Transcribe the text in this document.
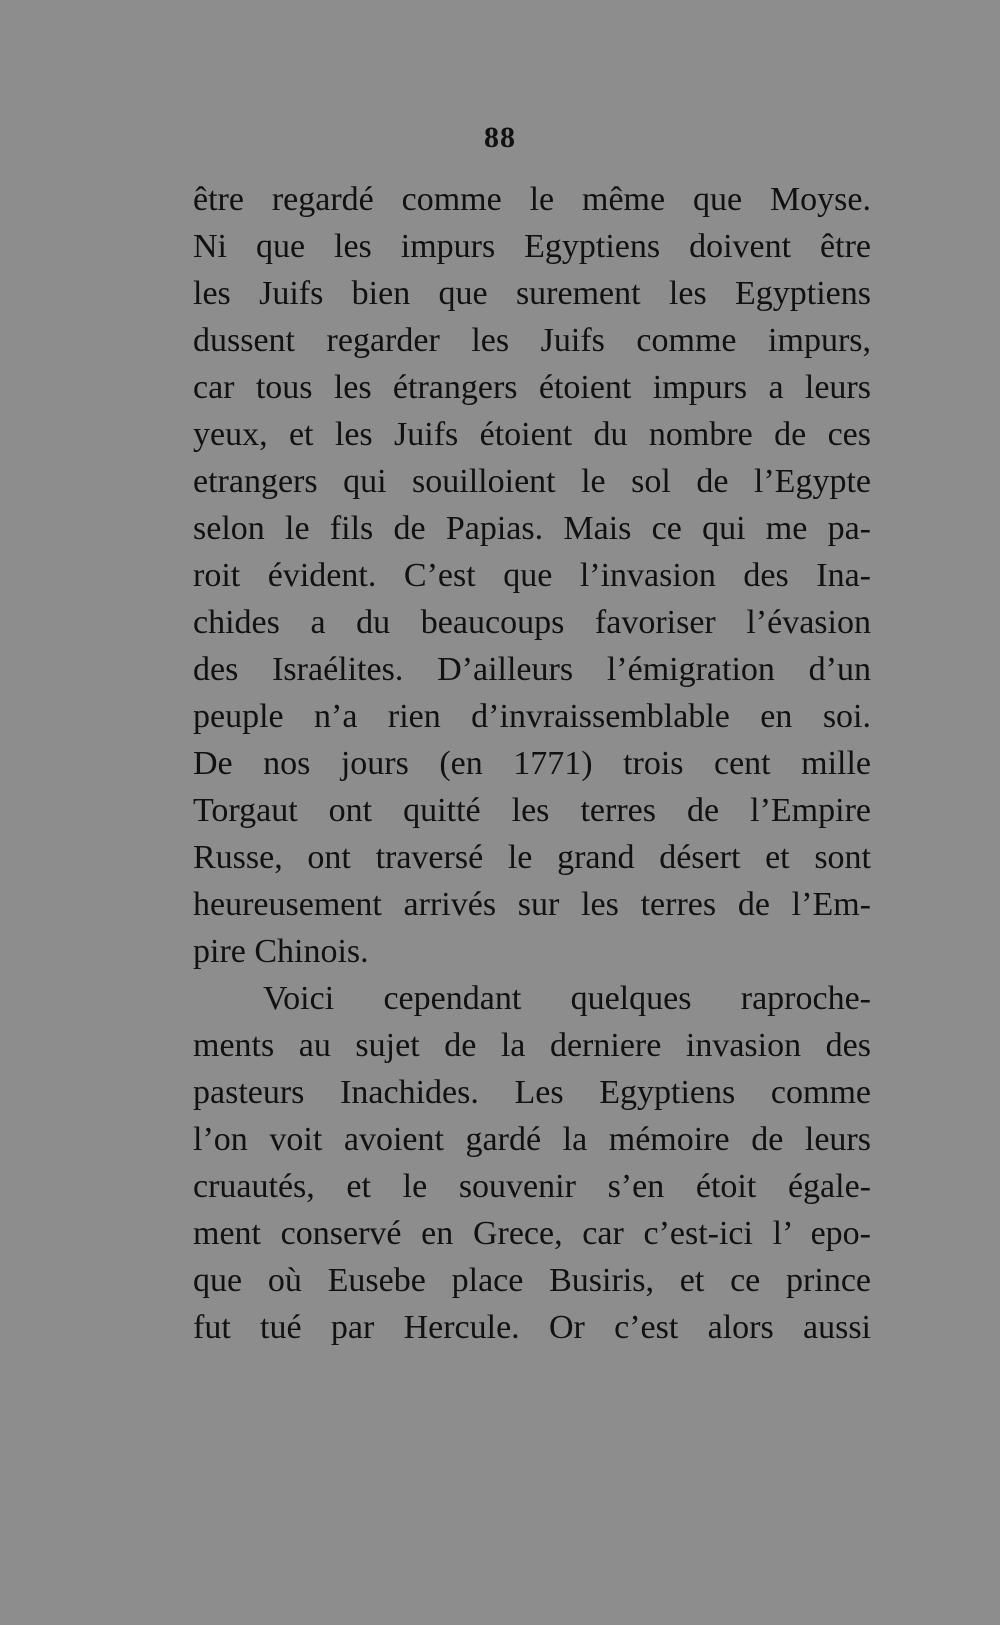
88
être regardé comme le même que Moyse.
Ni que les impurs Egyptiens doivent être
les Juifs bien que surement les Egyptiens
dussent regarder les Juifs comme impurs,
car tous les étrangers étoient impurs a leurs
yeux, et les Juifs étoient du nombre de ces
etrangers qui souilloient le sol de l’Egypte
selon le fils de Papias. Mais ce qui me pa-
roit évident. C’est que l’invasion des Ina-
chides a du beaucoups favoriser l’évasion
des Israélites. D’ailleurs l’émigration d’un
peuple n’a rien d’invraissemblable en soi.
De nos jours (en 1771) trois cent mille
Torgaut ont quitté les terres de l’Empire
Russe, ont traversé le grand désert et sont
heureusement arrivés sur les terres de l’Em-
pire Chinois.
Voici cependant quelques raproche-
ments au sujet de la derniere invasion des
pasteurs Inachides. Les Egyptiens comme
l’on voit avoient gardé la mémoire de leurs
cruautés, et le souvenir s’en étoit égale-
ment conservé en Grece, car c’est-ici l’ epo-
que où Eusebe place Busiris, et ce prince
fut tué par Hercule. Or c’est alors aussi
